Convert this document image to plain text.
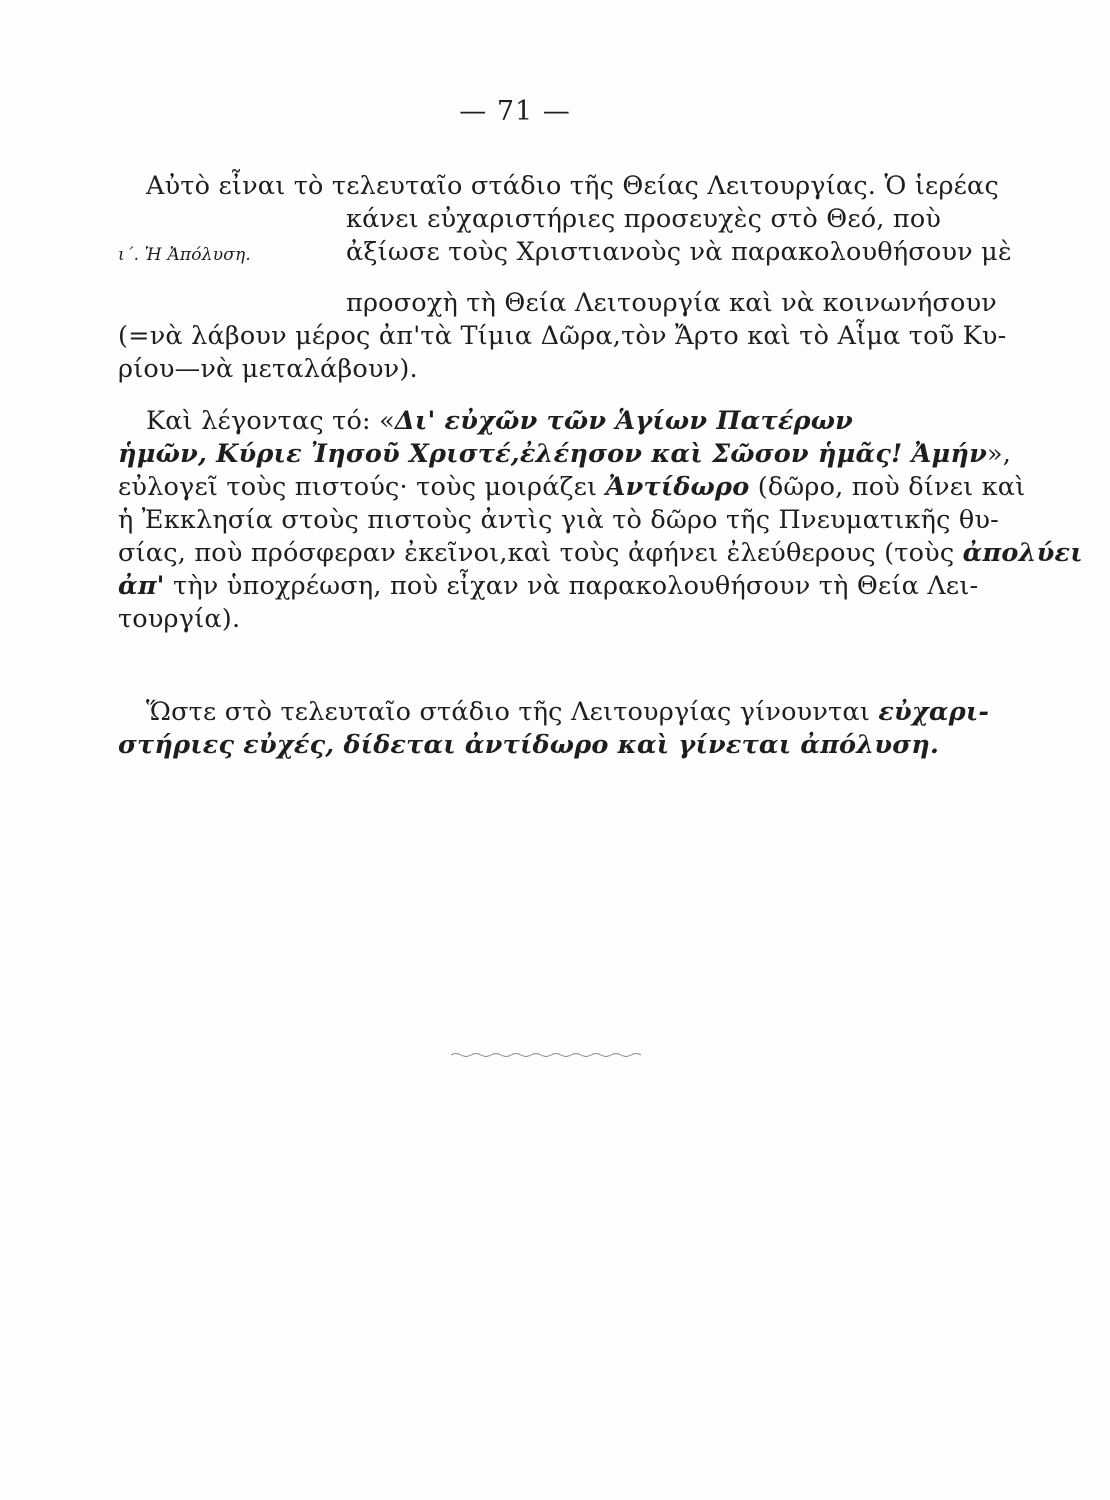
— 71 —
Αὐτὸ εἶναι τὸ τελευταῖο στάδιο τῆς Θείας Λειτουργίας. Ὁ ἱερέας
κάνει εὐχαριστήριες προσευχὲς στὸ Θεό, ποὺ
ι΄. Ἡ Ἀπόλυση.	ἀξίωσε τοὺς Χριστιανοὺς νὰ παρακολουθήσουν μὲ
προσοχὴ τὴ Θεία Λειτουργία καὶ νὰ κοινωνήσουν
(=νὰ λάβουν μέρος ἀπ'τὰ Τίμια Δῶρα,τὸν Ἄρτο καὶ τὸ Αἷμα τοῦ Κυ-
ρίου—νὰ μεταλάβουν).
Καὶ λέγοντας τό: «Δι' εὐχῶν τῶν Ἁγίων Πατέρων
ἡμῶν, Κύριε Ἰησοῦ Χριστέ,ἐλέησον καὶ Σῶσον ἡμᾶς! Ἀμήν»,
εὐλογεῖ τοὺς πιστούς· τοὺς μοιράζει Ἀντίδωρο (δῶρο, ποὺ δίνει καὶ
ἡ Ἐκκλησία στοὺς πιστοὺς ἀντὶς γιὰ τὸ δῶρο τῆς Πνευματικῆς θυ-
σίας, ποὺ πρόσφεραν ἐκεῖνοι,καὶ τοὺς ἀφήνει ἐλεύθερους (τοὺς ἀπολύει
ἀπ' τὴν ὑποχρέωση, ποὺ εἶχαν νὰ παρακολουθήσουν τὴ Θεία Λει-
τουργία).
Ὥστε στὸ τελευταῖο στάδιο τῆς Λειτουργίας γίνουνται εὐχαρι-
στήριες εὐχές, δίδεται ἀντίδωρο καὶ γίνεται ἀπόλυση.
